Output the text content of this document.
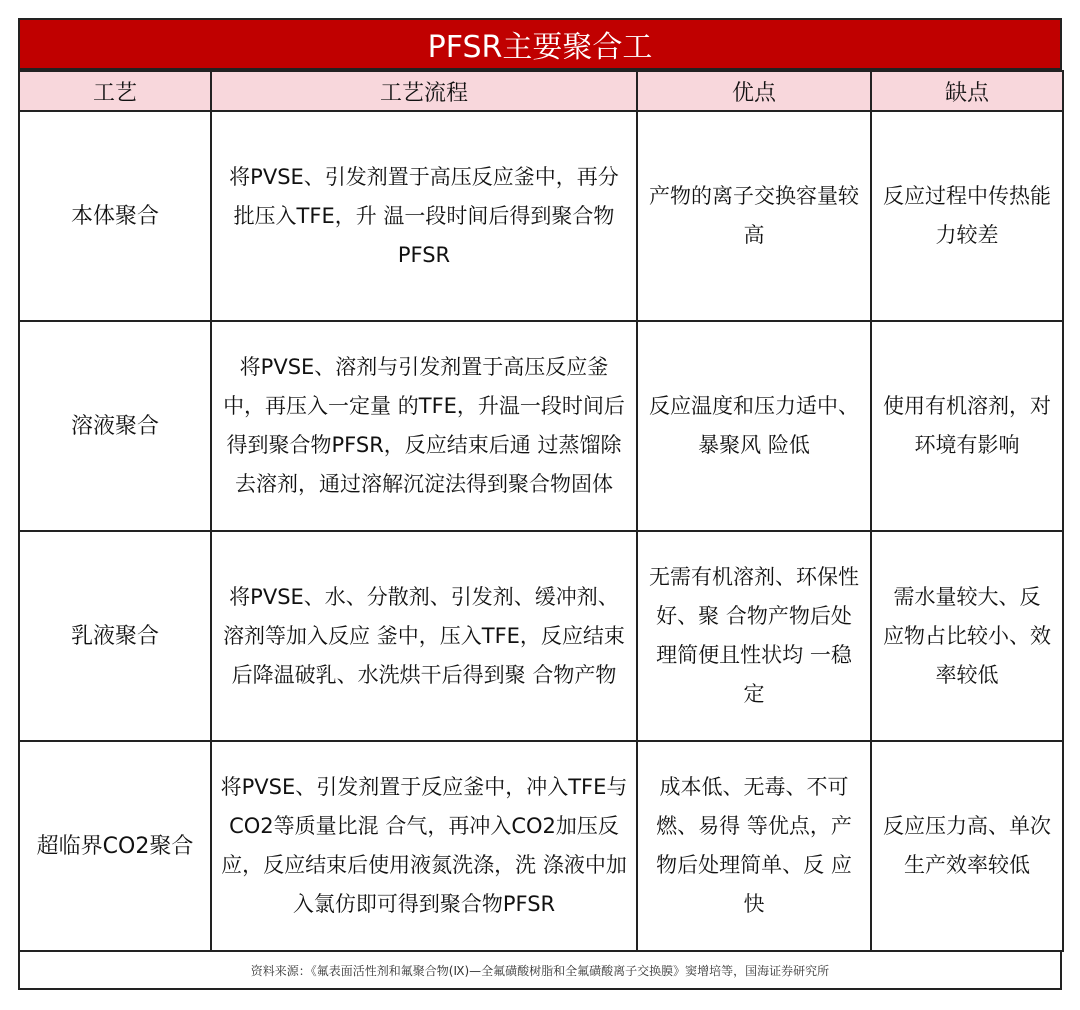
PFSR主要聚合工
工艺	工艺流程	优点	缺点
本体聚合	将PVSE、引发剂置于高压反应釜中，再分批压入TFE，升 温一段时间后得到聚合物PFSR	产物的离子交换容量较高	反应过程中传热能 力较差
溶液聚合	将PVSE、溶剂与引发剂置于高压反应釜中，再压入一定量 的TFE，升温一段时间后得到聚合物PFSR，反应结束后通 过蒸馏除去溶剂，通过溶解沉淀法得到聚合物固体	反应温度和压力适中、暴聚风 险低	使用有机溶剂，对 环境有影响
乳液聚合	将PVSE、水、分散剂、引发剂、缓冲剂、溶剂等加入反应 釜中，压入TFE，反应结束后降温破乳、水洗烘干后得到聚 合物产物	无需有机溶剂、环保性好、聚 合物产物后处理简便且性状均 一稳定	需水量较大、反 应物占比较小、效 率较低
超临界CO2聚合	将PVSE、引发剂置于反应釜中，冲入TFE与CO2等质量比混 合气，再冲入CO2加压反应，反应结束后使用液氮洗涤，洗 涤液中加入氯仿即可得到聚合物PFSR	成本低、无毒、不可燃、易得 等优点，产物后处理简单、反 应快	反应压力高、单次生产效率较低
资料来源：《氟表面活性剂和氟聚合物(Ⅸ)—全氟磺酸树脂和全氟磺酸离子交换膜》窦增培等，国海证券研究所
